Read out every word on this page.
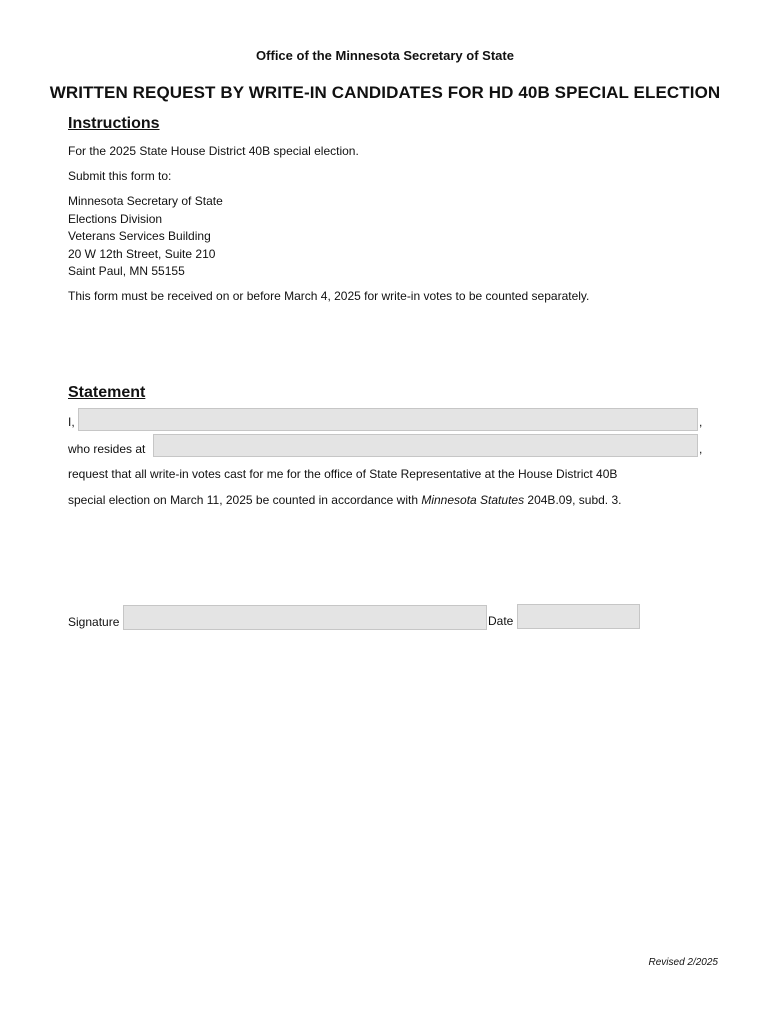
Office of the Minnesota Secretary of State
WRITTEN REQUEST BY WRITE-IN CANDIDATES FOR HD 40B SPECIAL ELECTION
Instructions
For the 2025 State House District 40B special election.
Submit this form to:
Minnesota Secretary of State
Elections Division
Veterans Services Building
20 W 12th Street, Suite 210
Saint Paul, MN 55155
This form must be received on or before March 4, 2025 for write-in votes to be counted separately.
Statement
I,	,
who resides at	,
request that all write-in votes cast for me for the office of State Representative at the House District 40B
special election on March 11, 2025 be counted in accordance with Minnesota Statutes 204B.09, subd. 3.
Signature	Date
Revised 2/2025
